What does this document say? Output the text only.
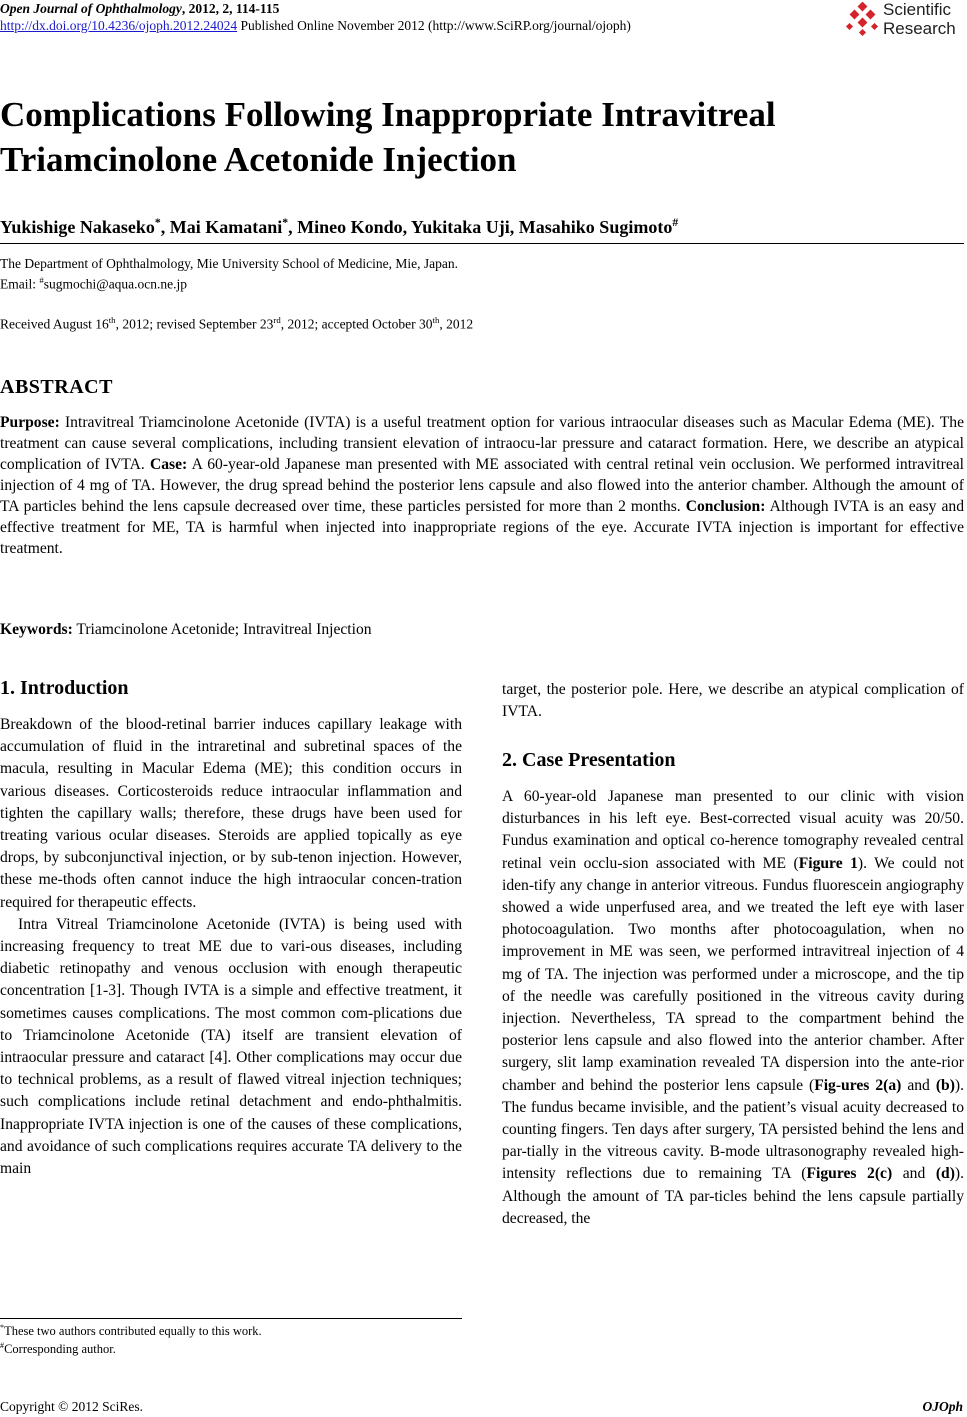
Open Journal of Ophthalmology, 2012, 2, 114-115
http://dx.doi.org/10.4236/ojoph.2012.24024 Published Online November 2012 (http://www.SciRP.org/journal/ojoph)
Scientific
Research
Complications Following Inappropriate Intravitreal Triamcinolone Acetonide Injection
Yukishige Nakaseko*, Mai Kamatani*, Mineo Kondo, Yukitaka Uji, Masahiko Sugimoto#
The Department of Ophthalmology, Mie University School of Medicine, Mie, Japan.
Email: #sugmochi@aqua.ocn.ne.jp
Received August 16th, 2012; revised September 23rd, 2012; accepted October 30th, 2012
ABSTRACT
Purpose: Intravitreal Triamcinolone Acetonide (IVTA) is a useful treatment option for various intraocular diseases such as Macular Edema (ME). The treatment can cause several complications, including transient elevation of intraocu-lar pressure and cataract formation. Here, we describe an atypical complication of IVTA. Case: A 60-year-old Japanese man presented with ME associated with central retinal vein occlusion. We performed intravitreal injection of 4 mg of TA. However, the drug spread behind the posterior lens capsule and also flowed into the anterior chamber. Although the amount of TA particles behind the lens capsule decreased over time, these particles persisted for more than 2 months. Conclusion: Although IVTA is an easy and effective treatment for ME, TA is harmful when injected into inappropriate regions of the eye. Accurate IVTA injection is important for effective treatment.
Keywords: Triamcinolone Acetonide; Intravitreal Injection
1. Introduction

Breakdown of the blood-retinal barrier induces capillary leakage with accumulation of fluid in the intraretinal and subretinal spaces of the macula, resulting in Macular Edema (ME); this condition occurs in various diseases. Corticosteroids reduce intraocular inflammation and tighten the capillary walls; therefore, these drugs have been used for treating various ocular diseases. Steroids are applied topically as eye drops, by subconjunctival injection, or by sub-tenon injection. However, these me-thods often cannot induce the high intraocular concen-tration required for therapeutic effects.

Intra Vitreal Triamcinolone Acetonide (IVTA) is being used with increasing frequency to treat ME due to vari-ous diseases, including diabetic retinopathy and venous occlusion with enough therapeutic concentration [1-3]. Though IVTA is a simple and effective treatment, it sometimes causes complications. The most common com-plications due to Triamcinolone Acetonide (TA) itself are transient elevation of intraocular pressure and cataract [4]. Other complications may occur due to technical problems, as a result of flawed vitreal injection techniques; such complications include retinal detachment and endo-phthalmitis. Inappropriate IVTA injection is one of the causes of these complications, and avoidance of such complications requires accurate TA delivery to the main

*These two authors contributed equally to this work.
#Corresponding author.
target, the posterior pole. Here, we describe an atypical complication of IVTA.
2. Case Presentation
A 60-year-old Japanese man presented to our clinic with vision disturbances in his left eye. Best-corrected visual acuity was 20/50. Fundus examination and optical co-herence tomography revealed central retinal vein occlu-sion associated with ME (Figure 1). We could not iden-tify any change in anterior vitreous. Fundus fluorescein angiography showed a wide unperfused area, and we treated the left eye with laser photocoagulation. Two months after photocoagulation, when no improvement in ME was seen, we performed intravitreal injection of 4 mg of TA. The injection was performed under a microscope, and the tip of the needle was carefully positioned in the vitreous cavity during injection. Nevertheless, TA spread to the compartment behind the posterior lens capsule and also flowed into the anterior chamber. After surgery, slit lamp examination revealed TA dispersion into the ante-rior chamber and behind the posterior lens capsule (Fig-ures 2(a) and (b)). The fundus became invisible, and the patient’s visual acuity decreased to counting fingers. Ten days after surgery, TA persisted behind the lens and par-tially in the vitreous cavity. B-mode ultrasonography revealed high-intensity reflections due to remaining TA (Figures 2(c) and (d)). Although the amount of TA par-ticles behind the lens capsule partially decreased, the
Copyright © 2012 SciRes.	OJOph
